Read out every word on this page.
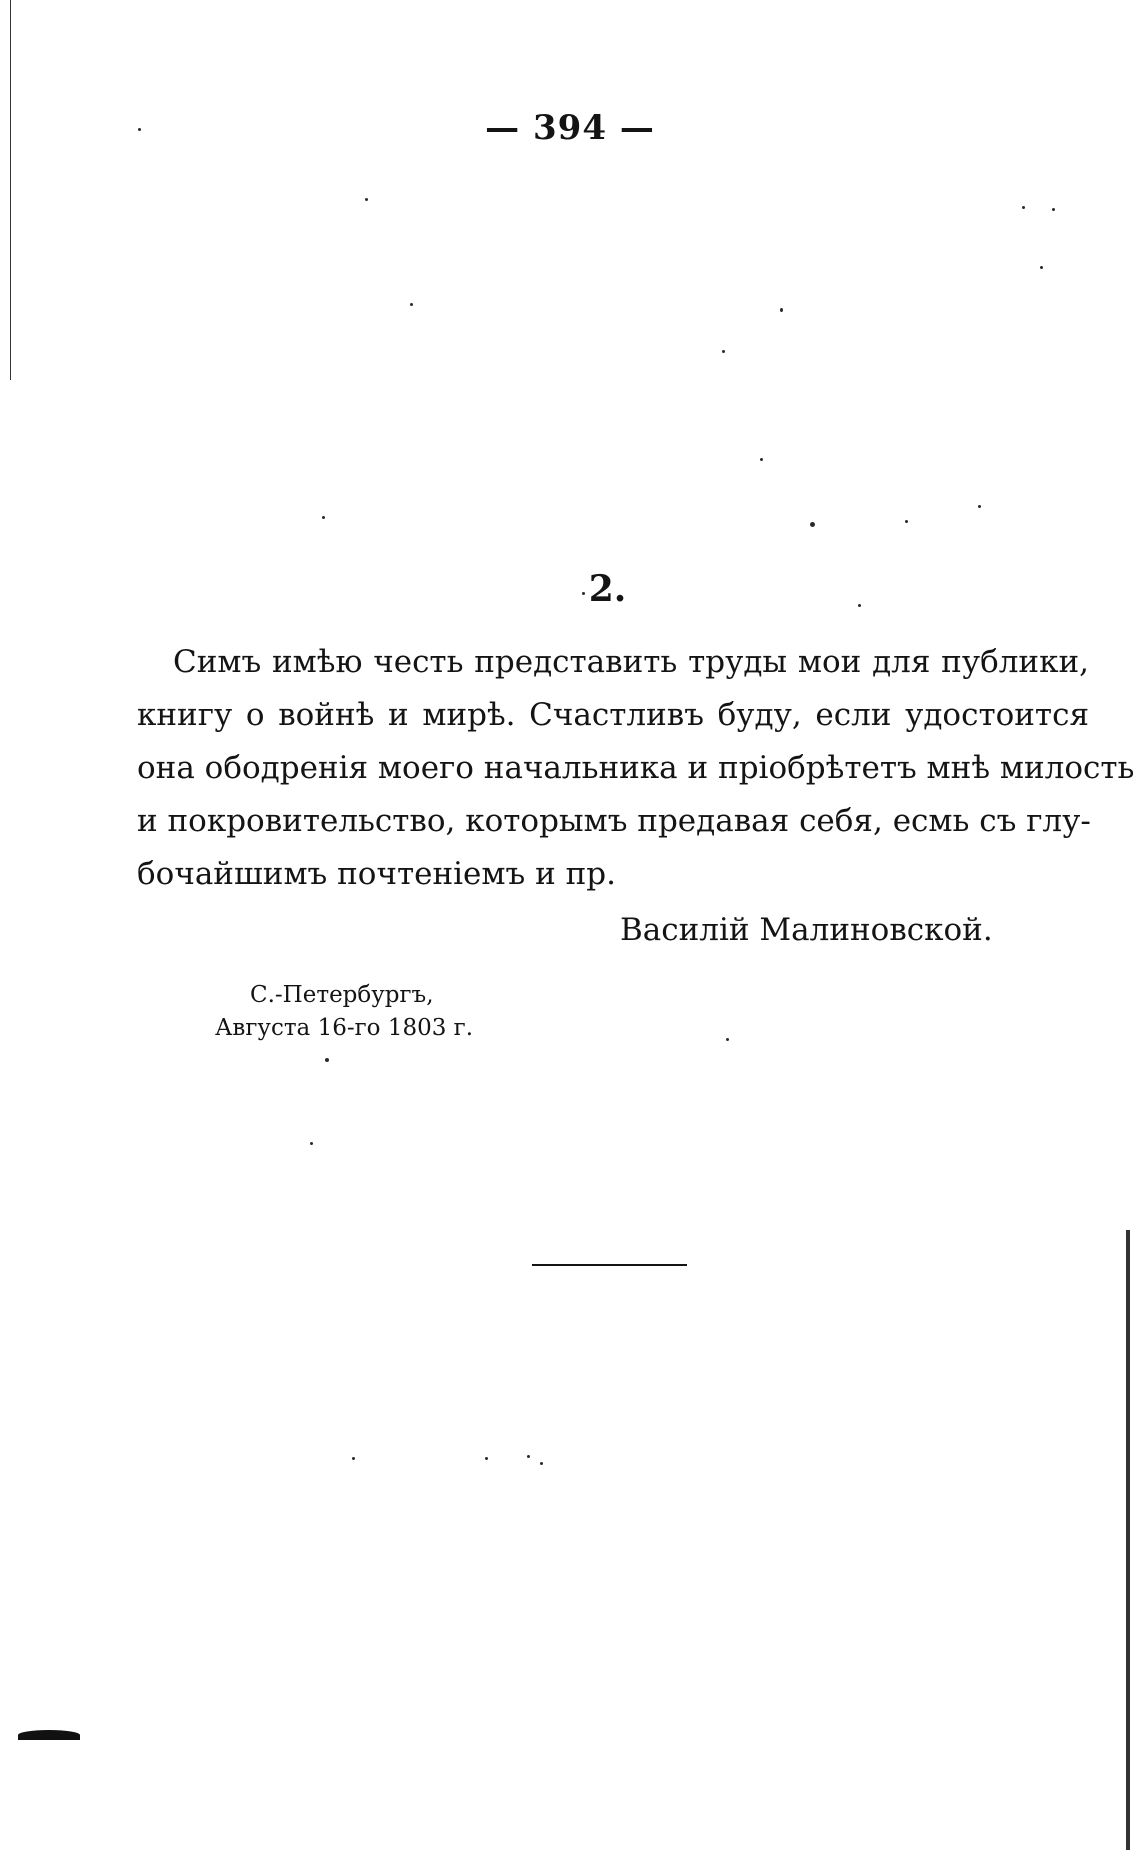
— 394 —
2.
Симъ имѣю честь представить труды мои для публики,
книгу о войнѣ и мирѣ. Счастливъ буду, если удостоится
она ободренія моего начальника и пріобрѣтетъ мнѣ милость
и покровительство, которымъ предавая себя, есмь съ глу-
бочайшимъ почтеніемъ и пр.
Василій Малиновской.
С.-Петербургъ,
Августа 16-го 1803 г.
